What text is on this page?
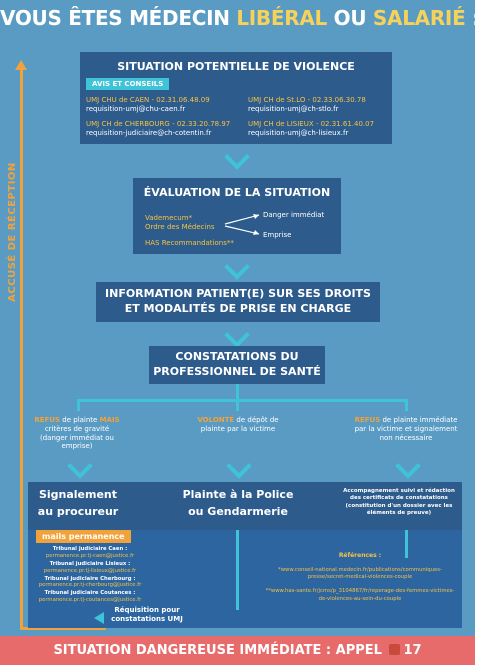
VOUS ÊTES MÉDECIN LIBÉRAL OU SALARIÉ :
ACCUSÉ DE RÉCEPTION
SITUATION POTENTIELLE DE VIOLENCE
AVIS ET CONSEILS
UMJ CHU de CAEN - 02.31.06.48.09
requisition-umj@chu-caen.fr
UMJ CH de St.LO - 02.33.06.30.78
requisition-umj@ch-stlo.fr
UMJ CH de CHERBOURG - 02.33.20.78.97
requisition-judiciaire@ch-cotentin.fr
UMJ CH de LISIEUX - 02.31.61.40.07
requisition-umj@ch-lisieux.fr
ÉVALUATION DE LA SITUATION
Vademecum*
Ordre des Médecins
HAS Recommandations**
Danger immédiat
Emprise
INFORMATION PATIENT(E) SUR SES DROITS
ET MODALITÉS DE PRISE EN CHARGE
CONSTATATIONS DU
PROFESSIONNEL DE SANTÉ
REFUS de plainte MAIS critères de gravité (danger immédiat ou emprise)
VOLONTÉ de dépôt de plainte par la victime
REFUS de plainte immédiate par la victime et signalement non nécessaire
Signalement
au procureur
Plainte à la Police
ou Gendarmerie
Accompagnement suivi et rédaction des certificats de constatations (constitution d'un dossier avec les éléments de preuve)
mails permanence
Tribunal judiciaire Caen :
permanence.pr.tj-caen@justice.fr
Tribunal judiciaire Lisieux :
permanence.pr.tj-lisieux@justice.fr
Tribunal judiciaire Cherbourg :
permanence.pr.tj-cherbourg@justice.fr
Tribunal judiciaire Coutances :
permanence.pr.tj-coutances@justice.fr
Réquisition pour
constatations UMJ
Références :
*www.conseil-national.medecin.fr/publications/communiques-presse/secret-medical-violences-couple
**www.has-sante.fr/jcms/p_3104867/fr/reperage-des-femmes-victimes-de-violences-au-sein-du-couple
SITUATION DANGEREUSE IMMÉDIATE : APPEL 17
